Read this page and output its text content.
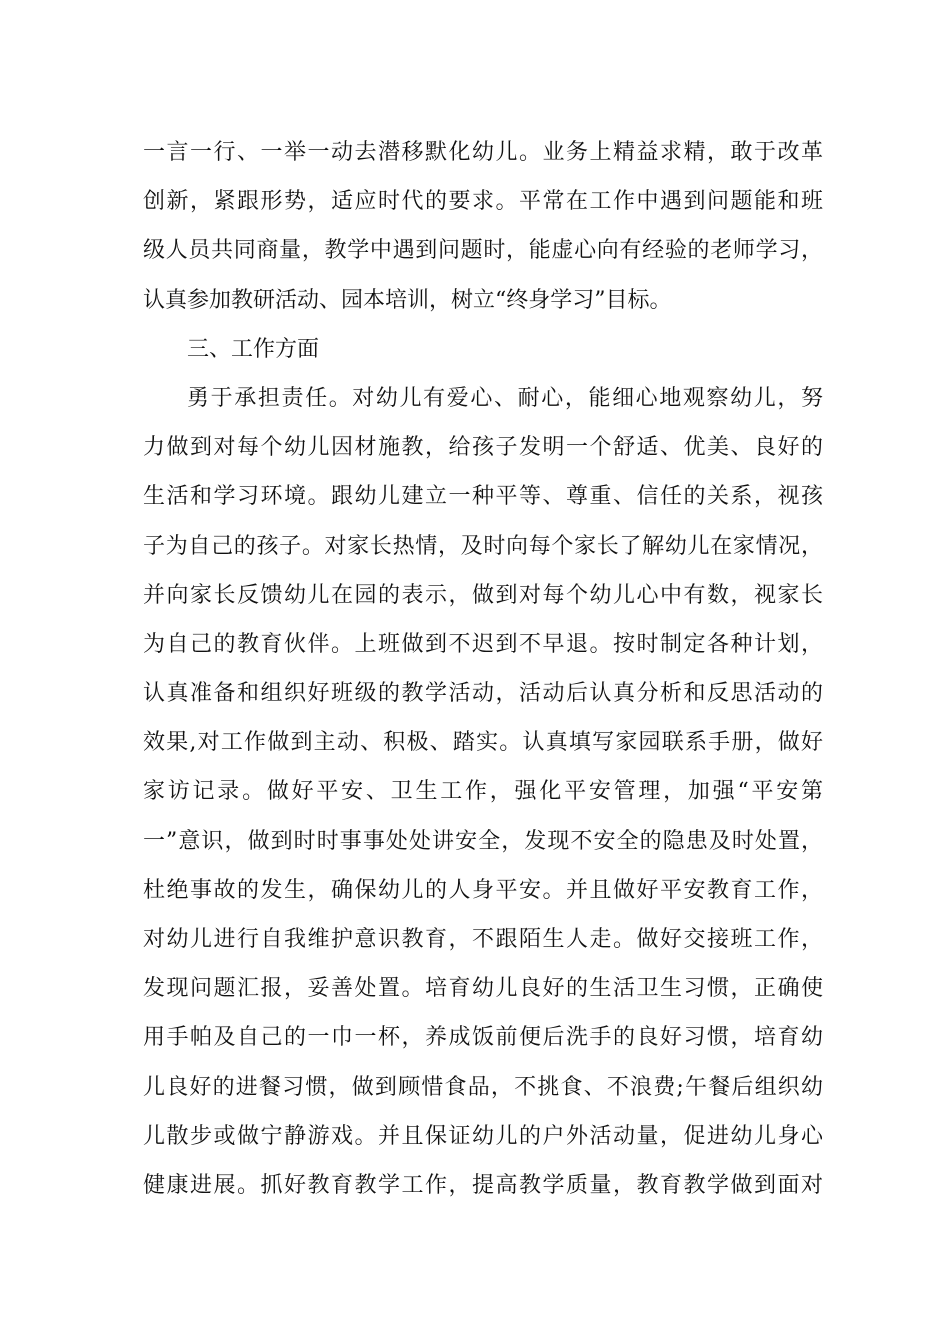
一言一行、一举一动去潜移默化幼儿。业务上精益求精，敢于改革
创新，紧跟形势，适应时代的要求。平常在工作中遇到问题能和班
级人员共同商量，教学中遇到问题时，能虚心向有经验的老师学习，
认真参加教研活动、园本培训，树立“终身学习”目标。
三、工作方面
勇于承担责任。对幼儿有爱心、耐心，能细心地观察幼儿，努
力做到对每个幼儿因材施教，给孩子发明一个舒适、优美、良好的
生活和学习环境。跟幼儿建立一种平等、尊重、信任的关系，视孩
子为自己的孩子。对家长热情，及时向每个家长了解幼儿在家情况，
并向家长反馈幼儿在园的表示，做到对每个幼儿心中有数，视家长
为自己的教育伙伴。上班做到不迟到不早退。按时制定各种计划，
认真准备和组织好班级的教学活动，活动后认真分析和反思活动的
效果,对工作做到主动、积极、踏实。认真填写家园联系手册，做好
家访记录。做好平安、卫生工作，强化平安管理，加强“平安第
一”意识，做到时时事事处处讲安全，发现不安全的隐患及时处置，
杜绝事故的发生，确保幼儿的人身平安。并且做好平安教育工作，
对幼儿进行自我维护意识教育，不跟陌生人走。做好交接班工作，
发现问题汇报，妥善处置。培育幼儿良好的生活卫生习惯，正确使
用手帕及自己的一巾一杯，养成饭前便后洗手的良好习惯，培育幼
儿良好的进餐习惯，做到顾惜食品，不挑食、不浪费;午餐后组织幼
儿散步或做宁静游戏。并且保证幼儿的户外活动量，促进幼儿身心
健康进展。抓好教育教学工作，提高教学质量，教育教学做到面对
